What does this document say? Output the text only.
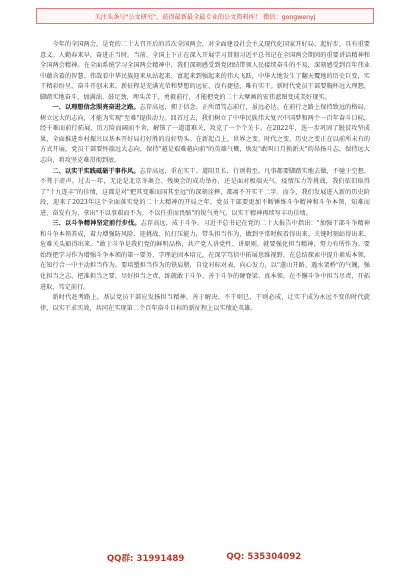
关注头条号"公文研究"，获得最新最全最专业的公文资料库！ 微信：gongwenyj

今年的全国两会，是党的二十大召开后的首次全国两会，对全面建设社会主义现代化国家开好局、起好步，具有重要意义。人勤春来早，奋进正当时。当前，全国上下正在深入开展学习贯彻习近平总书记在全国两会期间的重要讲话精神和全国两会精神。在全面系统学习全国两会精神中，我们深刻感受到党团结带领人民接续奋斗的不易，深刻感受到百年伟业中蕴含着的智慧。伟哉看中华民族迎来从站起来、富起来到强起来的伟大飞跃，中华大地发生了翻天覆地的历史巨变，实干精彩纷呈，奋斗开创未来。新征程是充满光荣和梦想的远征，没有捷径，唯有实干。新时代党员干部要胸怀远大理想，脚踏实地奋斗，加满油、鼓足劲，埋头苦干，勇毅前行，才能把党的二十大擘画的宏伟蓝图变成美好现实。

一、以理想信念照亮奋进之路。志存高远，拥于信念。正所谓笃志前行，虽远必达。在前行之路上保持致远的格局，树立远大的志向，才能为实现"至难"提供动力。回首过去，我们树立了中华民族伟大复兴中国梦和两个一百年奋斗目标，经千难而前行拓展、历万险而阔而不舍，解锁了一道道难关，攻克了一个个关卡。在2022年，迭一步巩固了脱贫攻坚成果，全面推进乡村振兴以基本开好局打好胜的良好势头。在新起点上，世界之变、时代之变、历史之变正在以前所未有的方式开展，党员干部要怀揣远大志向，保持"越是艰难越向前"的英雄气概，焕发"敢叫日月换新天"的昂扬斗志，保持远大志向，将攻坚克难贯彻到底。

二、以实干实践砥砺干事作风。志存高远，重在实干。道阻且长，行则将至。凡事都要脚踏实地去做，不驰于空想，不骛于虚声。过去一年，无论是北京冬奥会、残奥会的成功举办，还是面对极端天气、疫情压力等挑战，我们依旧取得了"十九连丰"的佳绩，这都是对"把其变难而国其至远"的深刻诠释，都离不开实干二字。而今，我们发展进入新的历史阶段，迎来了2023年这个全面落实党的二十大精神的开局之年，党员干部要更加不断锤炼斗争精神和斗争本领，知难而进、奋发有为，拿出"不以事艰而不为，不以任重而畏缩"的锐气勇气，以实干精神再续写丰功佳绩。

三、以斗争精神坚定前行步伐。志存高远，成于斗争。习近平总书记在党的二十大报告中指出："加强干部斗争精神和斗争本领养成，着力增强防风险、迎挑战、抗打压能力，带头担当作为，做到平常时候看得出来、关键时刻站得出来、危难关头豁得出来。"敢于斗争是我们党的鲜明品格，共产党人讲党性、讲原则，就要强化担当精神，努力有所作为。要始终把学习作为增强斗争本领的第一要务，学理论固本培元，在深学笃信中拓展思维视野，在总结探索中提升素质本领，在知行合一中主动担当作为。要培塑担当作为的铁肩膀，自觉对标对表、向心发力，以"遂山开路、遇水架桥"的气魄，强化担当之志、把准担当之要、尽好担当之责，练就敢于斗争、善于斗争的硬脊梁、真本领。在不懈斗争中担当尽责，开拓进取，笃定前行。

新时代赶考路上，基层党员干部应发扬担当精神，善于解决、不干则已，干则必成，让实干成为永远不变的时代旋律，以实干求实效，共同在实现第二个百年奋斗目标的新征程上以实绩论英雄。

QQ群: 31991489	QQ: 535304092
